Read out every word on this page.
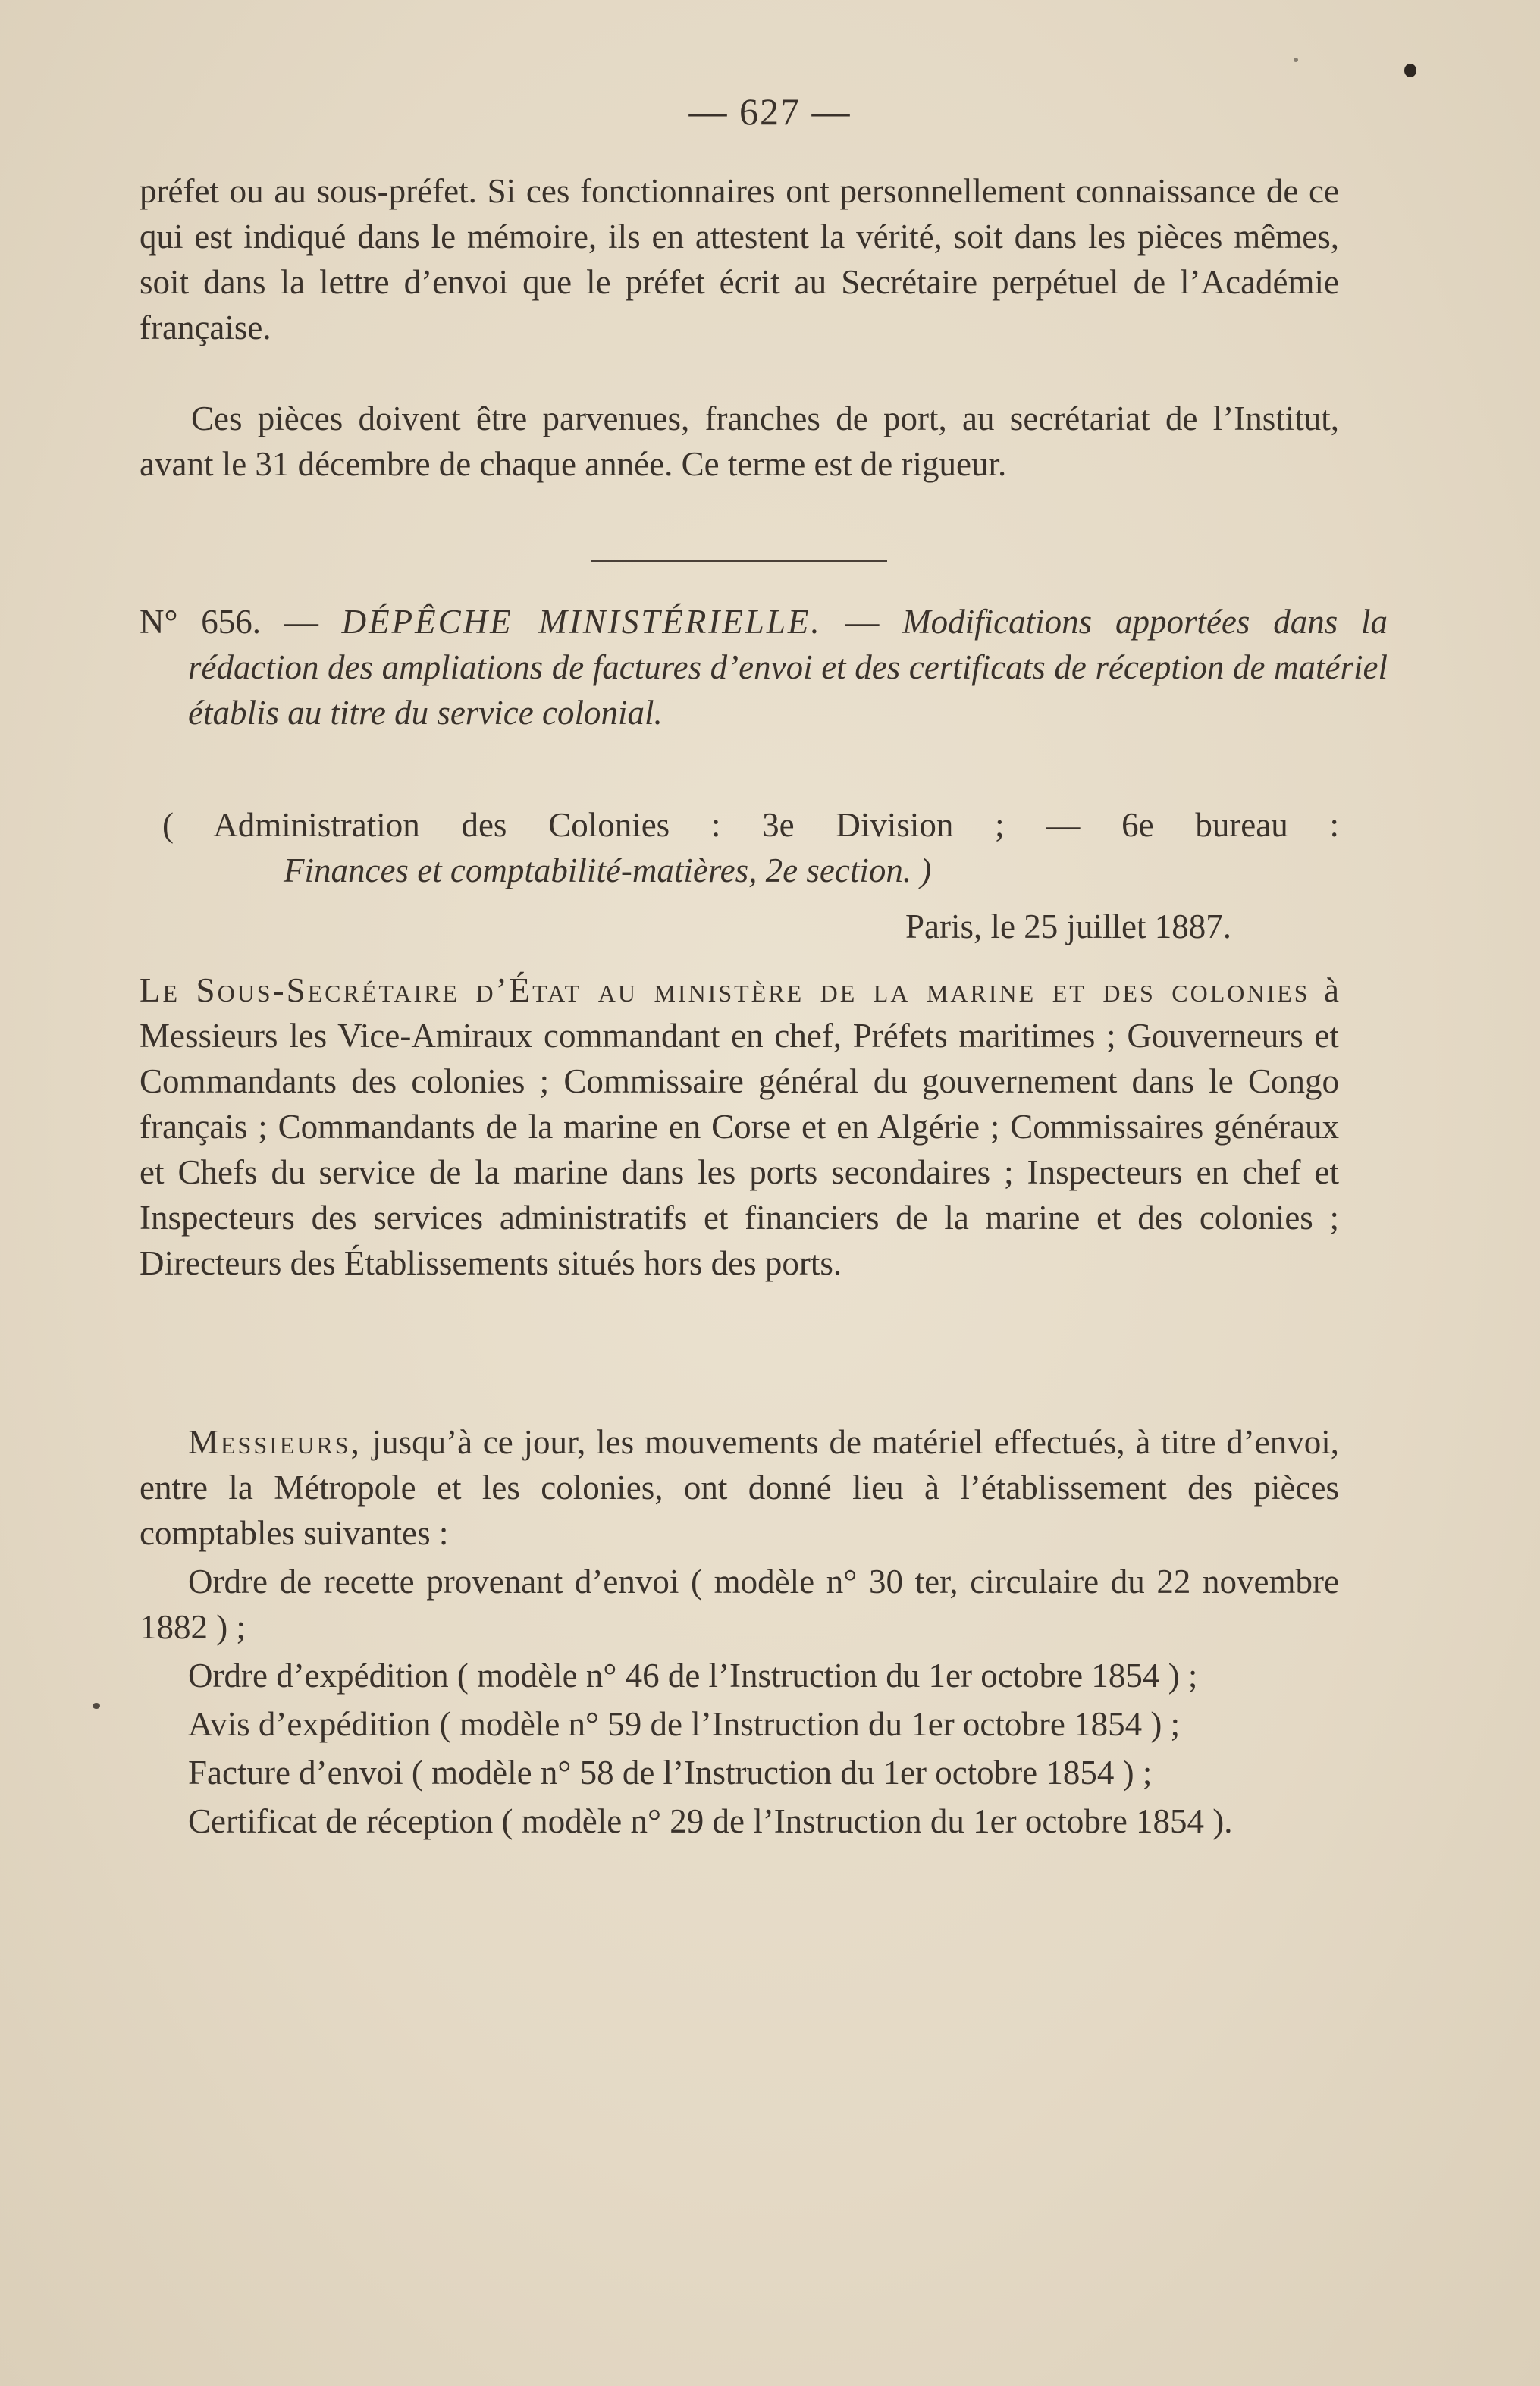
— 627 —

préfet ou au sous-préfet. Si ces fonctionnaires ont personnellement connaissance de ce qui est indiqué dans le mémoire, ils en attestent la vérité, soit dans les pièces mêmes, soit dans la lettre d’envoi que le préfet écrit au Secrétaire perpétuel de l’Académie française.

Ces pièces doivent être parvenues, franches de port, au secrétariat de l’Institut, avant le 31 décembre de chaque année. Ce terme est de rigueur.

N° 656. — DÉPÊCHE MINISTÉRIELLE. — Modifications apportées dans la rédaction des ampliations de factures d’envoi et des certificats de réception de matériel établis au titre du service colonial.
( Administration des Colonies : 3e Division ; — 6e bureau :
Finances et comptabilité-matières, 2e section. )
Paris, le 25 juillet 1887.
Le Sous-Secrétaire d’État au ministère de la marine et des colonies à Messieurs les Vice-Amiraux commandant en chef, Préfets maritimes ; Gouverneurs et Commandants des colonies ; Commissaire général du gouvernement dans le Congo français ; Commandants de la marine en Corse et en Algérie ; Commissaires généraux et Chefs du service de la marine dans les ports secondaires ; Inspecteurs en chef et Inspecteurs des services administratifs et financiers de la marine et des colonies ; Directeurs des Établissements situés hors des ports.

Messieurs, jusqu’à ce jour, les mouvements de matériel effectués, à titre d’envoi, entre la Métropole et les colonies, ont donné lieu à l’établissement des pièces comptables suivantes :

Ordre de recette provenant d’envoi ( modèle n° 30 ter, circulaire du 22 novembre 1882 ) ;

Ordre d’expédition ( modèle n° 46 de l’Instruction du 1er octobre 1854 ) ;

Avis d’expédition ( modèle n° 59 de l’Instruction du 1er octobre 1854 ) ;

Facture d’envoi ( modèle n° 58 de l’Instruction du 1er octobre 1854 ) ;

Certificat de réception ( modèle n° 29 de l’Instruction du 1er octobre 1854 ).
